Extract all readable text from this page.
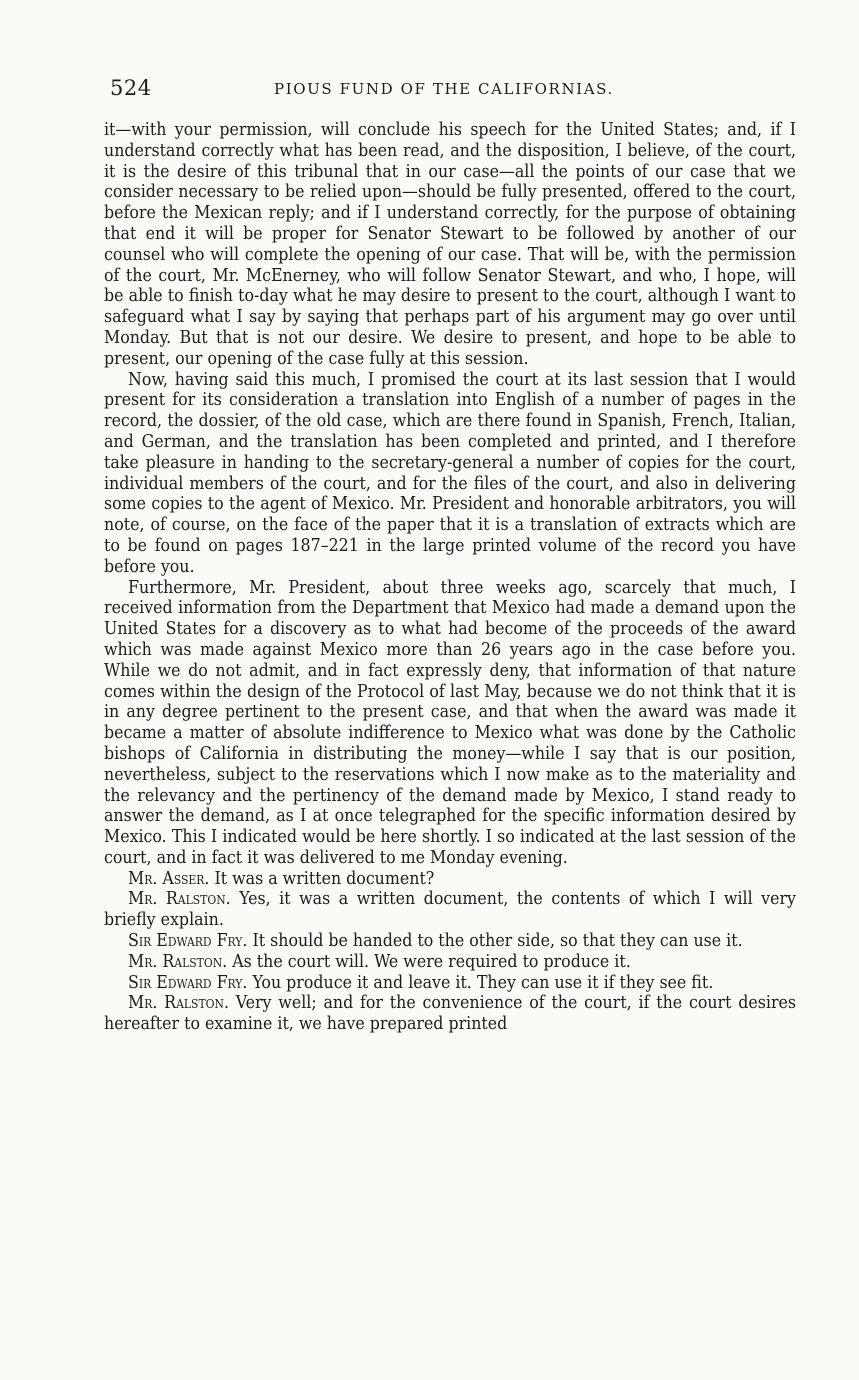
524	PIOUS FUND OF THE CALIFORNIAS.

it—with your permission, will conclude his speech for the United States; and, if I understand correctly what has been read, and the disposition, I believe, of the court, it is the desire of this tribunal that in our case—all the points of our case that we consider necessary to be relied upon—should be fully presented, offered to the court, before the Mexican reply; and if I understand correctly, for the purpose of obtaining that end it will be proper for Senator Stewart to be followed by another of our counsel who will complete the opening of our case. That will be, with the permission of the court, Mr. McEnerney, who will follow Senator Stewart, and who, I hope, will be able to finish to-day what he may desire to present to the court, although I want to safeguard what I say by saying that perhaps part of his argument may go over until Monday. But that is not our desire. We desire to present, and hope to be able to present, our opening of the case fully at this session.

Now, having said this much, I promised the court at its last session that I would present for its consideration a translation into English of a number of pages in the record, the dossier, of the old case, which are there found in Spanish, French, Italian, and German, and the translation has been completed and printed, and I therefore take pleasure in handing to the secretary-general a number of copies for the court, individual members of the court, and for the files of the court, and also in delivering some copies to the agent of Mexico. Mr. President and honorable arbitrators, you will note, of course, on the face of the paper that it is a translation of extracts which are to be found on pages 187–221 in the large printed volume of the record you have before you.

Furthermore, Mr. President, about three weeks ago, scarcely that much, I received information from the Department that Mexico had made a demand upon the United States for a discovery as to what had become of the proceeds of the award which was made against Mexico more than 26 years ago in the case before you. While we do not admit, and in fact expressly deny, that information of that nature comes within the design of the Protocol of last May, because we do not think that it is in any degree pertinent to the present case, and that when the award was made it became a matter of absolute indifference to Mexico what was done by the Catholic bishops of California in distributing the money—while I say that is our position, nevertheless, subject to the reservations which I now make as to the materiality and the relevancy and the pertinency of the demand made by Mexico, I stand ready to answer the demand, as I at once telegraphed for the specific information desired by Mexico. This I indicated would be here shortly. I so indicated at the last session of the court, and in fact it was delivered to me Monday evening.

Mr. Asser. It was a written document?

Mr. Ralston. Yes, it was a written document, the contents of which I will very briefly explain.

Sir Edward Fry. It should be handed to the other side, so that they can use it.

Mr. Ralston. As the court will. We were required to produce it.

Sir Edward Fry. You produce it and leave it. They can use it if they see fit.

Mr. Ralston. Very well; and for the convenience of the court, if the court desires hereafter to examine it, we have prepared printed
